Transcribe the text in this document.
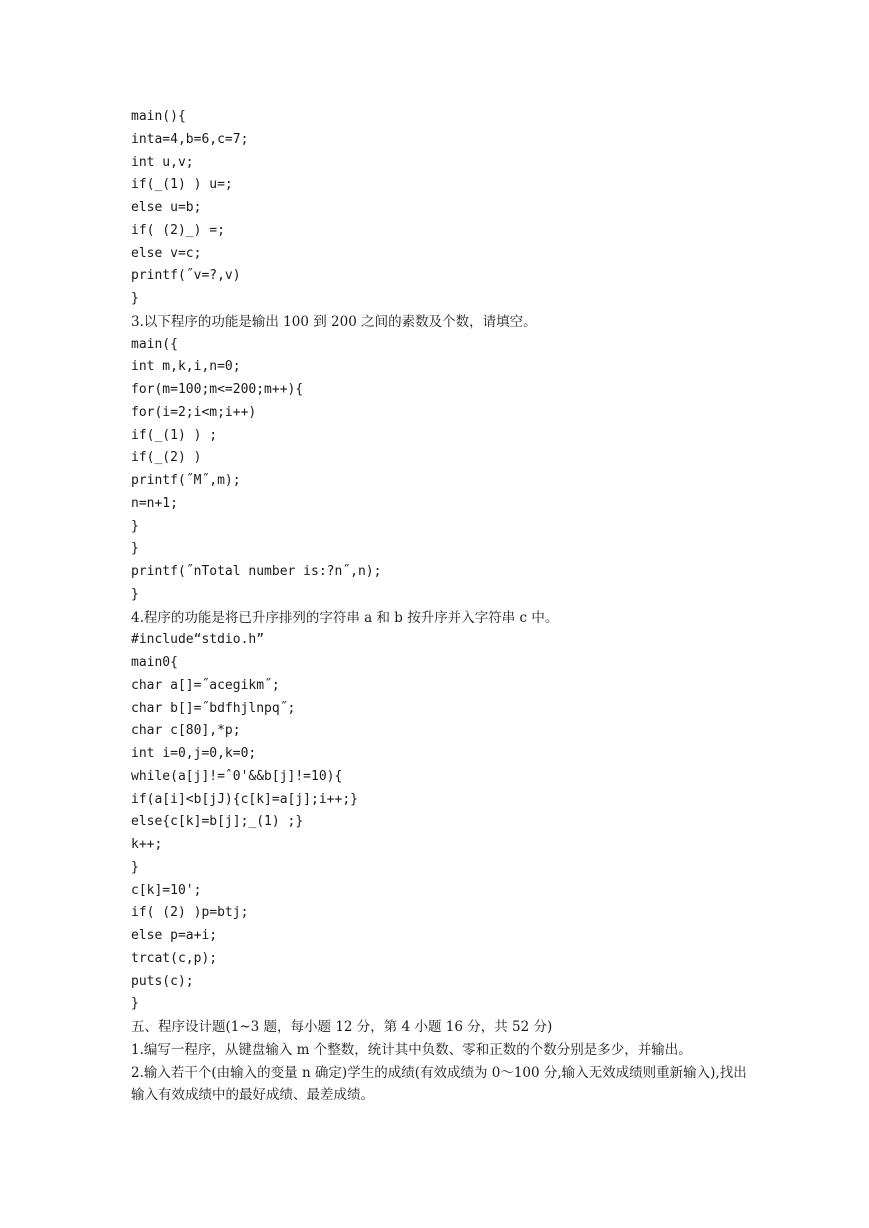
main(){
inta=4,b=6,c=7;
int u,v;
if(_(1) ) u=;
else u=b;
if( (2)_) =;
else v=c;
printf(˝v=?,v)
}
3.以下程序的功能是输出 100 到 200 之间的素数及个数，请填空。
main({
int m,k,i,n=0;
for(m=100;m<=200;m++){
for(i=2;i<m;i++)
if(_(1) ) ;
if(_(2) )
printf(˝M˝,m);
n=n+1;
}
}
printf(˝nTotal number is:?n˝,n);
}
4.程序的功能是将已升序排列的字符串 a 和 b 按升序并入字符串 c 中。
#include“stdio.h”
main0{
char a[]=˝acegikm˝;
char b[]=˝bdfhjlnpq˝;
char c[80],*p;
int i=0,j=0,k=0;
while(a[j]!=ˆ0'&&b[j]!=10){
if(a[i]<b[jJ){c[k]=a[j];i++;}
else{c[k]=b[j];_(1) ;}
k++;
}
c[k]=10';
if( (2) )p=btj;
else p=a+i;
trcat(c,p);
puts(c);
}
五、程序设计题(1~3 题，每小题 12 分，第 4 小题 16 分，共 52 分)
1.编写一程序，从键盘输入 m 个整数，统计其中负数、零和正数的个数分别是多少，并输出。
2.输入若干个(由输入的变量 n 确定)学生的成绩(有效成绩为 0～100 分,输入无效成绩则重新输入),找出输入有效成绩中的最好成绩、最差成绩。
